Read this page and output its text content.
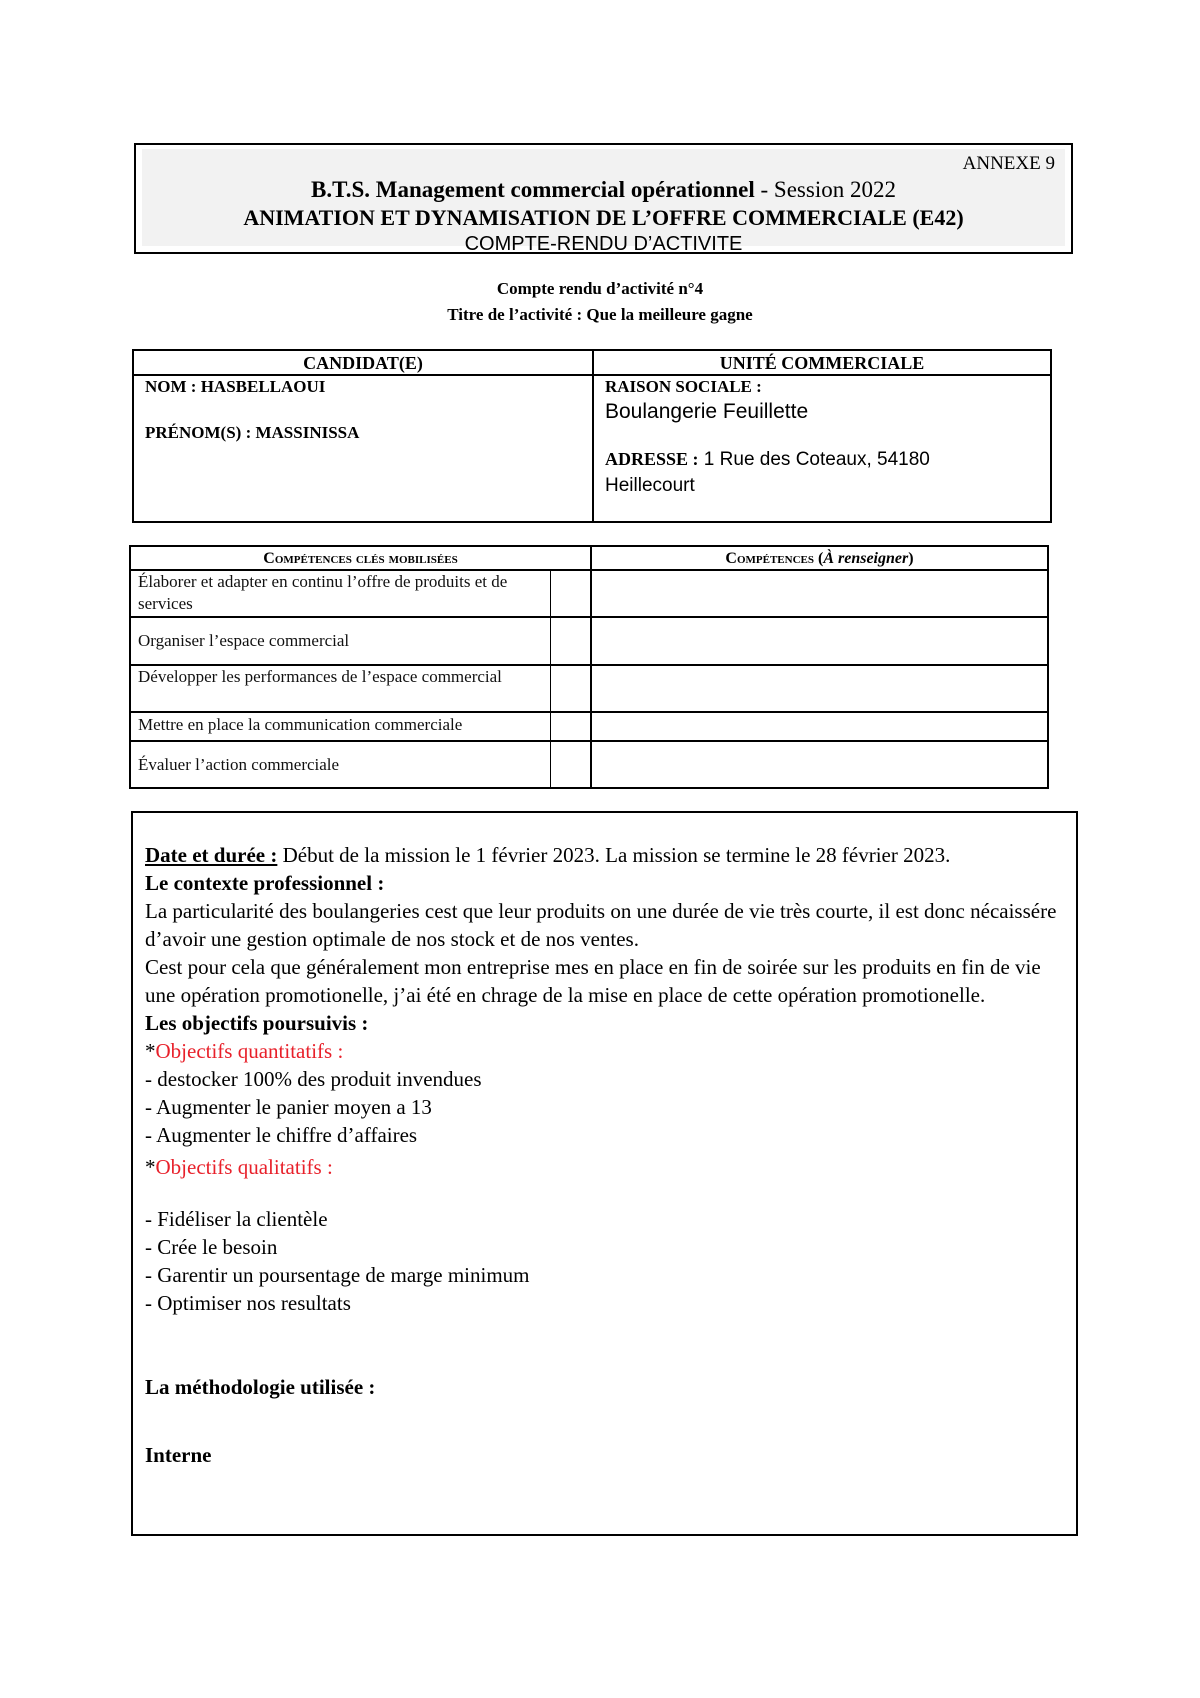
ANNEXE 9
B.T.S. Management commercial opérationnel - Session 2022
ANIMATION ET DYNAMISATION DE L’OFFRE COMMERCIALE (E42)
COMPTE-RENDU D’ACTIVITE
Compte rendu d’activité n°4
Titre de l’activité : Que la meilleure gagne
CANDIDAT(E)	UNITÉ COMMERCIALE
NOM : HASBELLAOUI
PRÉNOM(S) : MASSINISSA
RAISON SOCIALE :
Boulangerie Feuillette
ADRESSE : 1 Rue des Coteaux, 54180
Heillecourt
Compétences clés mobilisées	Compétences (À renseigner)
Élaborer et adapter en continu l’offre de produits et de services
Organiser l’espace commercial
Développer les performances de l’espace commercial
Mettre en place la communication commerciale
Évaluer l’action commerciale

Date et durée : Début de la mission le 1 février 2023. La mission se termine le 28 février 2023.

Le contexte professionnel :

La particularité des boulangeries cest que leur produits on une durée de vie très courte, il est donc nécaissére d’avoir une gestion optimale de nos stock et de nos ventes.

Cest pour cela que généralement mon entreprise mes en place en fin de soirée sur les produits en fin de vie une opération promotionelle, j’ai été en chrage de la mise en place de cette opération promotionelle.

Les objectifs poursuivis :

*Objectifs quantitatifs :

- destocker 100% des produit invendues

- Augmenter le panier moyen a 13

- Augmenter le chiffre d’affaires

*Objectifs qualitatifs :

- Fidéliser la clientèle

- Crée le besoin

- Garentir un poursentage de marge minimum

- Optimiser nos resultats

La méthodologie utilisée :

Interne
